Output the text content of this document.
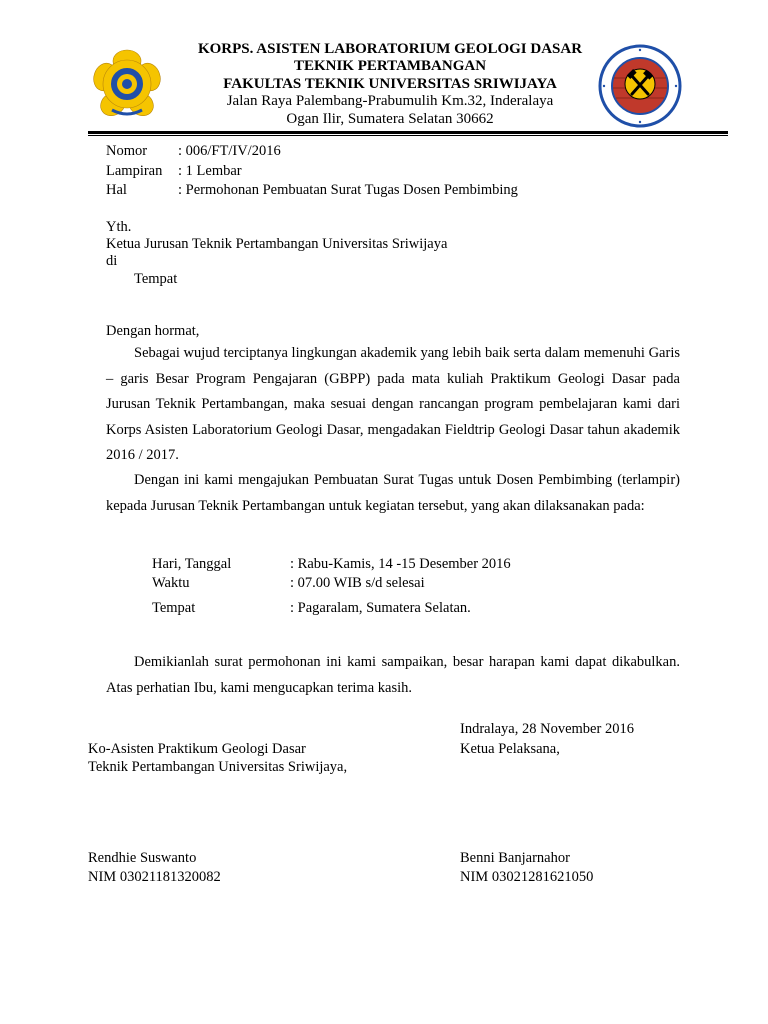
KORPS. ASISTEN LABORATORIUM GEOLOGI DASAR
TEKNIK PERTAMBANGAN
FAKULTAS TEKNIK UNIVERSITAS SRIWIJAYA
Jalan Raya Palembang-Prabumulih Km.32, Inderalaya
Ogan Ilir, Sumatera Selatan 30662
Nomor : 006/FT/IV/2016
Lampiran : 1 Lembar
Hal	: Permohonan Pembuatan Surat Tugas Dosen Pembimbing
Yth.
Ketua Jurusan Teknik Pertambangan Universitas Sriwijaya
di
Tempat
Dengan hormat,
Sebagai wujud terciptanya lingkungan akademik yang lebih baik serta dalam memenuhi Garis – garis Besar Program Pengajaran (GBPP) pada mata kuliah Praktikum Geologi Dasar pada Jurusan Teknik Pertambangan, maka sesuai dengan rancangan program pembelajaran kami dari Korps Asisten Laboratorium Geologi Dasar, mengadakan Fieldtrip Geologi Dasar tahun akademik 2016 / 2017.
Dengan ini kami mengajukan Pembuatan Surat Tugas untuk Dosen Pembimbing (terlampir) kepada Jurusan Teknik Pertambangan untuk kegiatan tersebut, yang akan dilaksanakan pada:
Hari, Tanggal	: Rabu-Kamis, 14 -15 Desember 2016
Waktu	: 07.00 WIB s/d selesai
Tempat	: Pagaralam, Sumatera Selatan.
Demikianlah surat permohonan ini kami sampaikan, besar harapan kami dapat dikabulkan. Atas perhatian Ibu, kami mengucapkan terima kasih.
Indralaya, 28 November 2016
Ketua Pelaksana,
Ko-Asisten Praktikum Geologi Dasar
Teknik Pertambangan Universitas Sriwijaya,
Rendhie Suswanto
NIM 03021181320082
Benni Banjarnahor
NIM 03021281621050
